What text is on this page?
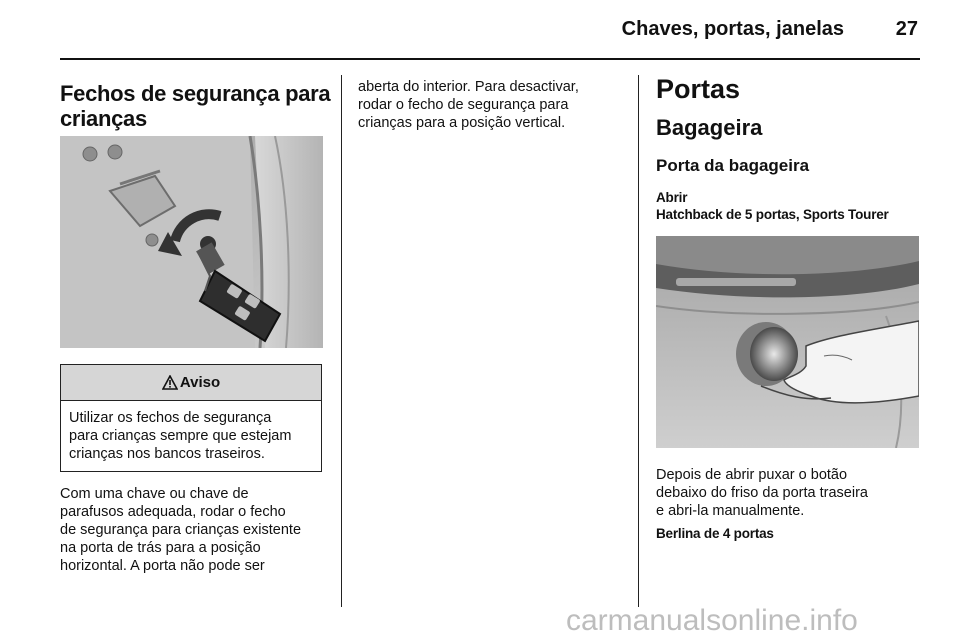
Chaves, portas, janelas	27
Fechos de segurança para
crianças
Aviso
Utilizar os fechos de segurança
para crianças sempre que estejam
crianças nos bancos traseiros.
Com uma chave ou chave de
parafusos adequada, rodar o fecho
de segurança para crianças existente
na porta de trás para a posição
horizontal. A porta não pode ser
aberta do interior. Para desactivar,
rodar o fecho de segurança para
crianças para a posição vertical.
Portas
Bagageira
Porta da bagageira
Abrir
Hatchback de 5 portas, Sports Tourer
Depois de abrir puxar o botão
debaixo do friso da porta traseira
e abri-la manualmente.
Berlina de 4 portas
carmanualsonline.info
